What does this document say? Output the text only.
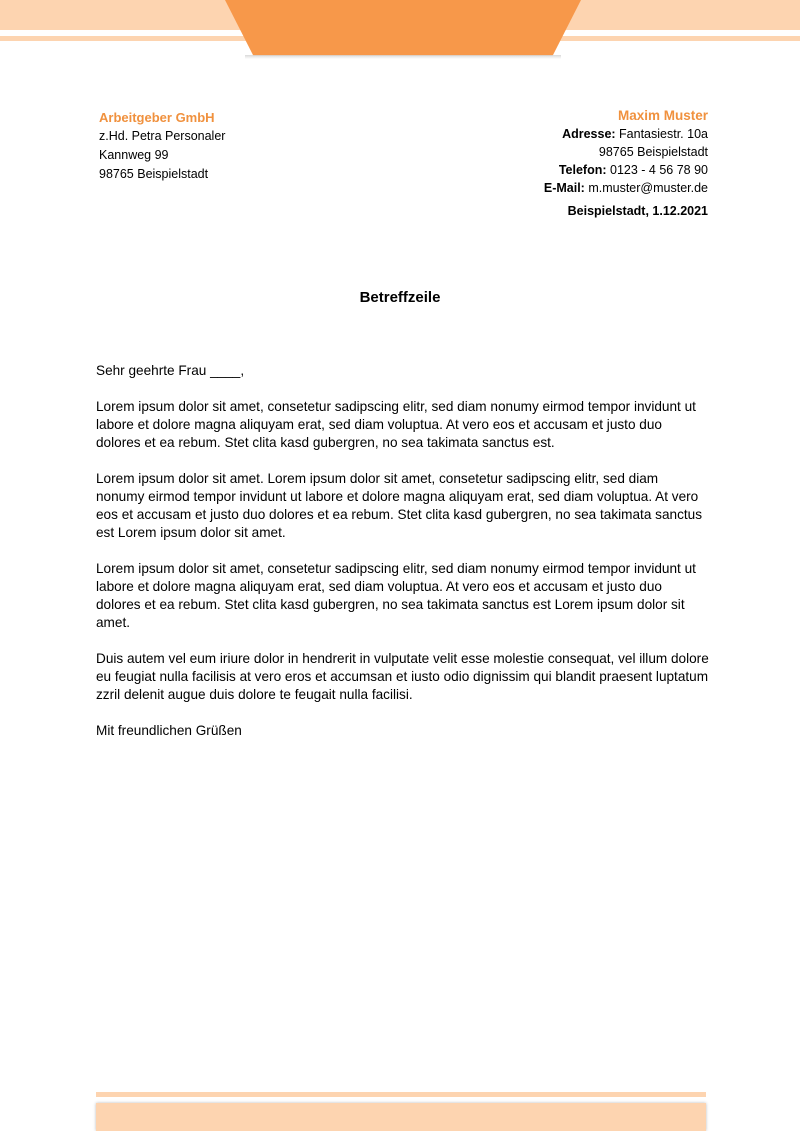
Arbeitgeber GmbH
z.Hd. Petra Personaler
Kannweg 99
98765 Beispielstadt
Maxim Muster
Adresse: Fantasiestr. 10a
98765 Beispielstadt
Telefon: 0123 - 4 56 78 90
E-Mail: m.muster@muster.de
Beispielstadt, 1.12.2021
Betreffzeile

Sehr geehrte Frau ____,

Lorem ipsum dolor sit amet, consetetur sadipscing elitr, sed diam nonumy eirmod tempor invidunt ut labore et dolore magna aliquyam erat, sed diam voluptua. At vero eos et accusam et justo duo dolores et ea rebum. Stet clita kasd gubergren, no sea takimata sanctus est.

Lorem ipsum dolor sit amet. Lorem ipsum dolor sit amet, consetetur sadipscing elitr, sed diam nonumy eirmod tempor invidunt ut labore et dolore magna aliquyam erat, sed diam voluptua. At vero eos et accusam et justo duo dolores et ea rebum. Stet clita kasd gubergren, no sea takimata sanctus est Lorem ipsum dolor sit amet.

Lorem ipsum dolor sit amet, consetetur sadipscing elitr, sed diam nonumy eirmod tempor invidunt ut labore et dolore magna aliquyam erat, sed diam voluptua. At vero eos et accusam et justo duo dolores et ea rebum. Stet clita kasd gubergren, no sea takimata sanctus est Lorem ipsum dolor sit amet.

Duis autem vel eum iriure dolor in hendrerit in vulputate velit esse molestie consequat, vel illum dolore eu feugiat nulla facilisis at vero eros et accumsan et iusto odio dignissim qui blandit praesent luptatum zzril delenit augue duis dolore te feugait nulla facilisi.

Mit freundlichen Grüßen
